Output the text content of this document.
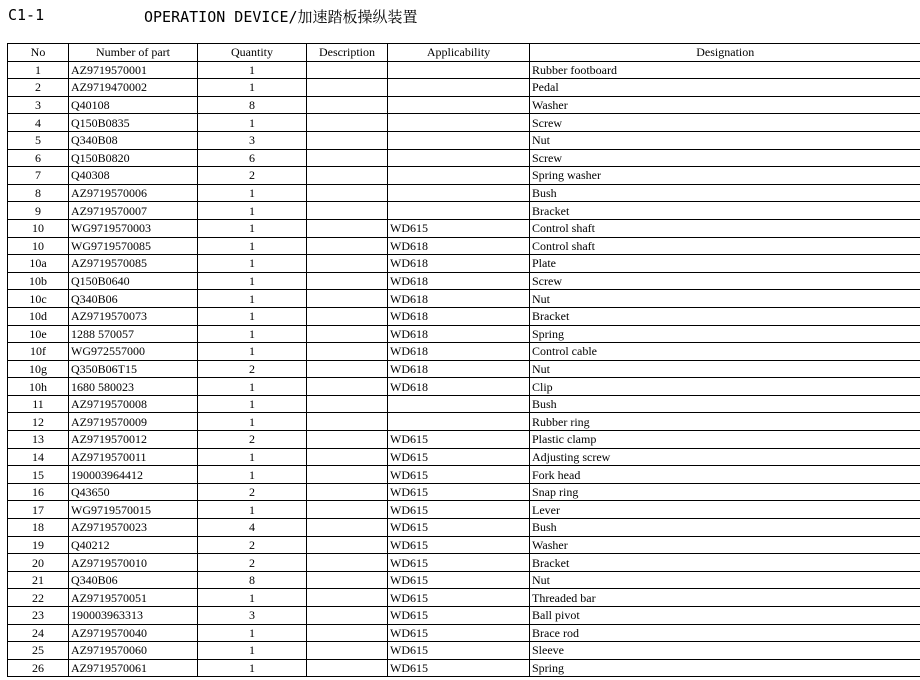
C1-1	OPERATION DEVICE/加速踏板操纵装置
No	Number of part	Quantity	Description	Applicability	Designation
1	AZ9719570001	1			Rubber footboard
2	AZ9719470002	1			Pedal
3	Q40108	8			Washer
4	Q150B0835	1			Screw
5	Q340B08	3			Nut
6	Q150B0820	6			Screw
7	Q40308	2			Spring washer
8	AZ9719570006	1			Bush
9	AZ9719570007	1			Bracket
10	WG9719570003	1		WD615	Control shaft
10	WG9719570085	1		WD618	Control shaft
10a	AZ9719570085	1		WD618	Plate
10b	Q150B0640	1		WD618	Screw
10c	Q340B06	1		WD618	Nut
10d	AZ9719570073	1		WD618	Bracket
10e	1288 570057	1		WD618	Spring
10f	WG972557000	1		WD618	Control cable
10g	Q350B06T15	2		WD618	Nut
10h	1680 580023	1		WD618	Clip
11	AZ9719570008	1			Bush
12	AZ9719570009	1			Rubber ring
13	AZ9719570012	2		WD615	Plastic clamp
14	AZ9719570011	1		WD615	Adjusting screw
15	190003964412	1		WD615	Fork head
16	Q43650	2		WD615	Snap ring
17	WG9719570015	1		WD615	Lever
18	AZ9719570023	4		WD615	Bush
19	Q40212	2		WD615	Washer
20	AZ9719570010	2		WD615	Bracket
21	Q340B06	8		WD615	Nut
22	AZ9719570051	1		WD615	Threaded bar
23	190003963313	3		WD615	Ball pivot
24	AZ9719570040	1		WD615	Brace rod
25	AZ9719570060	1		WD615	Sleeve
26	AZ9719570061	1		WD615	Spring
